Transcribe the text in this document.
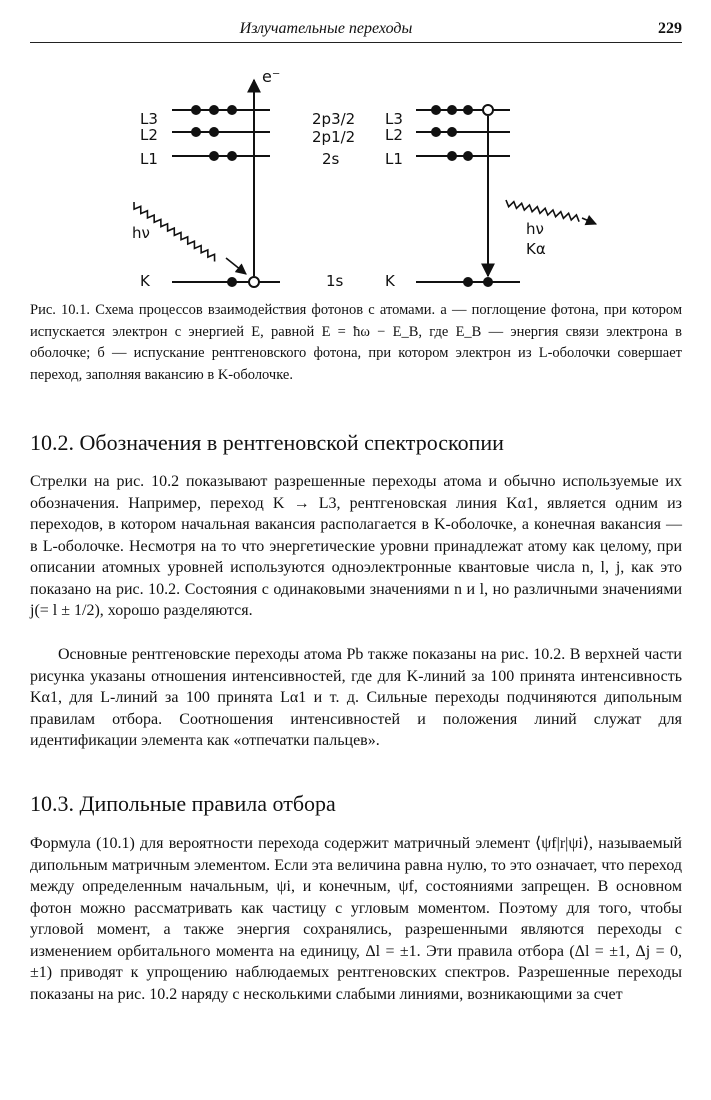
Излучательные переходы	229
L3
L2
L1
K
e⁻
hν
2p3/2
2p1/2
2s
1s
L3
L2
L1
K
hν
Kα
Рис. 10.1. Схема процессов взаимодействия фотонов с атомами. а — поглощение фотона, при котором испускается электрон с энергией E, равной E = ħω − E_B, где E_B — энергия связи электрона в оболочке; б — испускание рентгеновского фотона, при котором электрон из L-оболочки совершает переход, заполняя вакансию в K-оболочке.
10.2. Обозначения в рентгеновской спектроскопии
Стрелки на рис. 10.2 показывают разрешенные переходы атома и обычно используемые их обозначения. Например, переход K → L3, рентгеновская линия Kα1, является одним из переходов, в котором начальная вакансия располагается в K-оболочке, а конечная вакансия — в L-оболочке. Несмотря на то что энергетические уровни принадлежат атому как целому, при описании атомных уровней используются одноэлектронные квантовые числа n, l, j, как это показано на рис. 10.2. Состояния с одинаковыми значениями n и l, но различными значениями j(= l ± 1/2), хорошо разделяются.
Основные рентгеновские переходы атома Pb также показаны на рис. 10.2. В верхней части рисунка указаны отношения интенсивностей, где для K-линий за 100 принята интенсивность Kα1, для L-линий за 100 принята Lα1 и т. д. Сильные переходы подчиняются дипольным правилам отбора. Соотношения интенсивностей и положения линий служат для идентификации элемента как «отпечатки пальцев».
10.3. Дипольные правила отбора
Формула (10.1) для вероятности перехода содержит матричный элемент ⟨ψf|r|ψi⟩, называемый дипольным матричным элементом. Если эта величина равна нулю, то это означает, что переход между определенным начальным, ψi, и конечным, ψf, состояниями запрещен. В основном фотон можно рассматривать как частицу с угловым моментом. Поэтому для того, чтобы угловой момент, а также энергия сохранялись, разрешенными являются переходы с изменением орбитального момента на единицу, Δl = ±1. Эти правила отбора (Δl = ±1, Δj = 0, ±1) приводят к упрощению наблюдаемых рентгеновских спектров. Разрешенные переходы показаны на рис. 10.2 наряду с несколькими слабыми линиями, возникающими за счет
